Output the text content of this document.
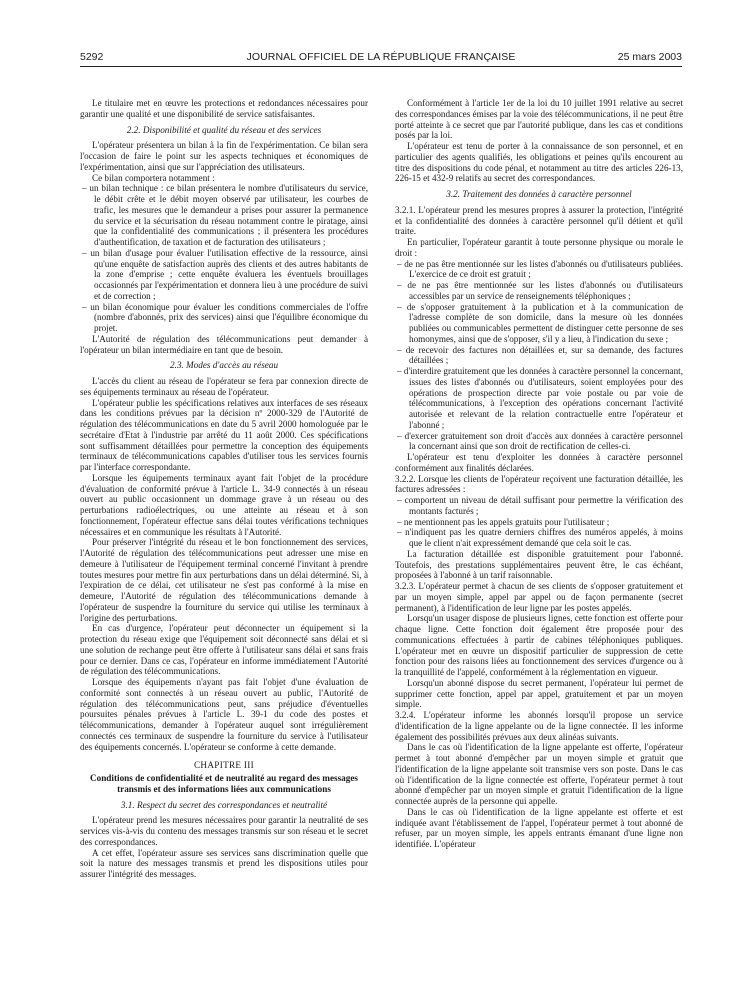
5292	JOURNAL OFFICIEL DE LA RÉPUBLIQUE FRANÇAISE	25 mars 2003

Le titulaire met en œuvre les protections et redondances nécessaires pour garantir une qualité et une disponibilité de service satisfaisantes.

2.2. Disponibilité et qualité du réseau et des services

L'opérateur présentera un bilan à la fin de l'expérimentation. Ce bilan sera l'occasion de faire le point sur les aspects techniques et économiques de l'expérimentation, ainsi que sur l'appréciation des utilisateurs.

Ce bilan comportera notamment :

– un bilan technique : ce bilan présentera le nombre d'utilisateurs du service, le débit crête et le débit moyen observé par utilisateur, les courbes de trafic, les mesures que le demandeur a prises pour assurer la permanence du service et la sécurisation du réseau notamment contre le piratage, ainsi que la confidentialité des communications ; il présentera les procédures d'authentification, de taxation et de facturation des utilisateurs ;

– un bilan d'usage pour évaluer l'utilisation effective de la ressource, ainsi qu'une enquête de satisfaction auprès des clients et des autres habitants de la zone d'emprise ; cette enquête évaluera les éventuels brouillages occasionnés par l'expérimentation et donnera lieu à une procédure de suivi et de correction ;

– un bilan économique pour évaluer les conditions commerciales de l'offre (nombre d'abonnés, prix des services) ainsi que l'équilibre économique du projet.

L'Autorité de régulation des télécommunications peut demander à l'opérateur un bilan intermédiaire en tant que de besoin.

2.3. Modes d'accès au réseau

L'accès du client au réseau de l'opérateur se fera par connexion directe de ses équipements terminaux au réseau de l'opérateur.

L'opérateur publie les spécifications relatives aux interfaces de ses réseaux dans les conditions prévues par la décision nº 2000-329 de l'Autorité de régulation des télécommunications en date du 5 avril 2000 homologuée par le secrétaire d'Etat à l'industrie par arrêté du 11 août 2000. Ces spécifications sont suffisamment détaillées pour permettre la conception des équipements terminaux de télécommunications capables d'utiliser tous les services fournis par l'interface correspondante.

Lorsque les équipements terminaux ayant fait l'objet de la procédure d'évaluation de conformité prévue à l'article L. 34-9 connectés à un réseau ouvert au public occasionnent un dommage grave à un réseau ou des perturbations radioélectriques, ou une atteinte au réseau et à son fonctionnement, l'opérateur effectue sans délai toutes vérifications techniques nécessaires et en communique les résultats à l'Autorité.

Pour préserver l'intégrité du réseau et le bon fonctionnement des services, l'Autorité de régulation des télécommunications peut adresser une mise en demeure à l'utilisateur de l'équipement terminal concerné l'invitant à prendre toutes mesures pour mettre fin aux perturbations dans un délai déterminé. Si, à l'expiration de ce délai, cet utilisateur ne s'est pas conformé à la mise en demeure, l'Autorité de régulation des télécommunications demande à l'opérateur de suspendre la fourniture du service qui utilise les terminaux à l'origine des perturbations.

En cas d'urgence, l'opérateur peut déconnecter un équipement si la protection du réseau exige que l'équipement soit déconnecté sans délai et si une solution de rechange peut être offerte à l'utilisateur sans délai et sans frais pour ce dernier. Dans ce cas, l'opérateur en informe immédiatement l'Autorité de régulation des télécommunications.

Lorsque des équipements n'ayant pas fait l'objet d'une évaluation de conformité sont connectés à un réseau ouvert au public, l'Autorité de régulation des télécommunications peut, sans préjudice d'éventuelles poursuites pénales prévues à l'article L. 39-1 du code des postes et télécommunications, demander à l'opérateur auquel sont irrégulièrement connectés ces terminaux de suspendre la fourniture du service à l'utilisateur des équipements concernés. L'opérateur se conforme à cette demande.

CHAPITRE III
Conditions de confidentialité et de neutralité au regard des messages transmis et des informations liées aux communications
3.1. Respect du secret des correspondances et neutralité

L'opérateur prend les mesures nécessaires pour garantir la neutralité de ses services vis-à-vis du contenu des messages transmis sur son réseau et le secret des correspondances.

A cet effet, l'opérateur assure ses services sans discrimination quelle que soit la nature des messages transmis et prend les dispositions utiles pour assurer l'intégrité des messages.

Conformément à l'article 1er de la loi du 10 juillet 1991 relative au secret des correspondances émises par la voie des télécommunications, il ne peut être porté atteinte à ce secret que par l'autorité publique, dans les cas et conditions posés par la loi.

L'opérateur est tenu de porter à la connaissance de son personnel, et en particulier des agents qualifiés, les obligations et peines qu'ils encourent au titre des dispositions du code pénal, et notamment au titre des articles 226-13, 226-15 et 432-9 relatifs au secret des correspondances.

3.2. Traitement des données à caractère personnel

3.2.1. L'opérateur prend les mesures propres à assurer la protection, l'intégrité et la confidentialité des données à caractère personnel qu'il détient et qu'il traite.

En particulier, l'opérateur garantit à toute personne physique ou morale le droit :

– de ne pas être mentionnée sur les listes d'abonnés ou d'utilisateurs publiées. L'exercice de ce droit est gratuit ;

– de ne pas être mentionnée sur les listes d'abonnés ou d'utilisateurs accessibles par un service de renseignements téléphoniques ;

– de s'opposer gratuitement à la publication et à la communication de l'adresse complète de son domicile, dans la mesure où les données publiées ou communicables permettent de distinguer cette personne de ses homonymes, ainsi que de s'opposer, s'il y a lieu, à l'indication du sexe ;

– de recevoir des factures non détaillées et, sur sa demande, des factures détaillées ;

– d'interdire gratuitement que les données à caractère personnel la concernant, issues des listes d'abonnés ou d'utilisateurs, soient employées pour des opérations de prospection directe par voie postale ou par voie de télécommunications, à l'exception des opérations concernant l'activité autorisée et relevant de la relation contractuelle entre l'opérateur et l'abonné ;

– d'exercer gratuitement son droit d'accès aux données à caractère personnel la concernant ainsi que son droit de rectification de celles-ci.

L'opérateur est tenu d'exploiter les données à caractère personnel conformément aux finalités déclarées.

3.2.2. Lorsque les clients de l'opérateur reçoivent une facturation détaillée, les factures adressées :

– comportent un niveau de détail suffisant pour permettre la vérification des montants facturés ;

– ne mentionnent pas les appels gratuits pour l'utilisateur ;

– n'indiquent pas les quatre derniers chiffres des numéros appelés, à moins que le client n'ait expressément demandé que cela soit le cas.

La facturation détaillée est disponible gratuitement pour l'abonné. Toutefois, des prestations supplémentaires peuvent être, le cas échéant, proposées à l'abonné à un tarif raisonnable.

3.2.3. L'opérateur permet à chacun de ses clients de s'opposer gratuitement et par un moyen simple, appel par appel ou de façon permanente (secret permanent), à l'identification de leur ligne par les postes appelés.

Lorsqu'un usager dispose de plusieurs lignes, cette fonction est offerte pour chaque ligne. Cette fonction doit également être proposée pour des communications effectuées à partir de cabines téléphoniques publiques. L'opérateur met en œuvre un dispositif particulier de suppression de cette fonction pour des raisons liées au fonctionnement des services d'urgence ou à la tranquillité de l'appelé, conformément à la réglementation en vigueur.

Lorsqu'un abonné dispose du secret permanent, l'opérateur lui permet de supprimer cette fonction, appel par appel, gratuitement et par un moyen simple.

3.2.4. L'opérateur informe les abonnés lorsqu'il propose un service d'identification de la ligne appelante ou de la ligne connectée. Il les informe également des possibilités prévues aux deux alinéas suivants.

Dans le cas où l'identification de la ligne appelante est offerte, l'opérateur permet à tout abonné d'empêcher par un moyen simple et gratuit que l'identification de la ligne appelante soit transmise vers son poste. Dans le cas où l'identification de la ligne connectée est offerte, l'opérateur permet à tout abonné d'empêcher par un moyen simple et gratuit l'identification de la ligne connectée auprès de la personne qui appelle.

Dans le cas où l'identification de la ligne appelante est offerte et est indiquée avant l'établissement de l'appel, l'opérateur permet à tout abonné de refuser, par un moyen simple, les appels entrants émanant d'une ligne non identifiée. L'opérateur
